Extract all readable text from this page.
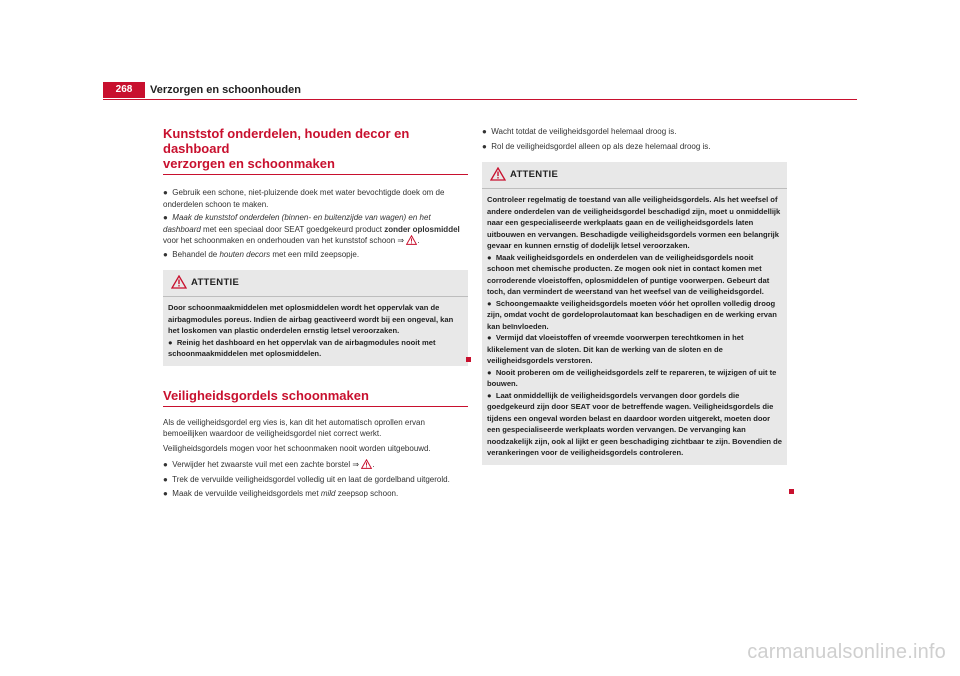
268	Verzorgen en schoonhouden
Kunststof onderdelen, houden decor en dashboard
verzorgen en schoonmaken

●  Gebruik een schone, niet-pluizende doek met water bevochtigde doek om de onderdelen schoon te maken.

●  Maak de kunststof onderdelen (binnen- en buitenzijde van wagen) en het dashboard met een speciaal door SEAT goedgekeurd product zonder oplosmiddel voor het schoonmaken en onderhouden van het kunststof schoon ⇒ .

●  Behandel de houten decors met een mild zeepsopje.

ATTENTIE

Door schoonmaakmiddelen met oplosmiddelen wordt het oppervlak van de airbagmodules poreus. Indien de airbag geactiveerd wordt bij een ongeval, kan het loskomen van plastic onderdelen ernstig letsel veroorzaken.

●  Reinig het dashboard en het oppervlak van de airbagmodules nooit met schoonmaakmiddelen met oplosmiddelen.

Veiligheidsgordels schoonmaken

Als de veiligheidsgordel erg vies is, kan dit het automatisch oprollen ervan bemoeilijken waardoor de veiligheidsgordel niet correct werkt.

Veiligheidsgordels mogen voor het schoonmaken nooit worden uitgebouwd.

●  Verwijder het zwaarste vuil met een zachte borstel ⇒ .

●  Trek de vervuilde veiligheidsgordel volledig uit en laat de gordelband uitgerold.

●  Maak de vervuilde veiligheidsgordels met mild zeepsop schoon.

●  Wacht totdat de veiligheidsgordel helemaal droog is.

●  Rol de veiligheidsgordel alleen op als deze helemaal droog is.

ATTENTIE

Controleer regelmatig de toestand van alle veiligheidsgordels. Als het weefsel of andere onderdelen van de veiligheidsgordel beschadigd zijn, moet u onmiddellijk naar een gespecialiseerde werkplaats gaan en de veiligheidsgordels laten uitbouwen en vervangen. Beschadigde veiligheidsgordels vormen een belangrijk gevaar en kunnen ernstig of dodelijk letsel veroorzaken.

●  Maak veiligheidsgordels en onderdelen van de veiligheidsgordels nooit schoon met chemische producten. Ze mogen ook niet in contact komen met corroderende vloeistoffen, oplosmiddelen of puntige voorwerpen. Gebeurt dat toch, dan vermindert de weerstand van het weefsel van de veiligheidsgordel.

●  Schoongemaakte veiligheidsgordels moeten vóór het oprollen volledig droog zijn, omdat vocht de gordeloprolautomaat kan beschadigen en de werking ervan kan beïnvloeden.

●  Vermijd dat vloeistoffen of vreemde voorwerpen terechtkomen in het klikelement van de sloten. Dit kan de werking van de sloten en de veiligheidsgordels verstoren.

●  Nooit proberen om de veiligheidsgordels zelf te repareren, te wijzigen of uit te bouwen.

●  Laat onmiddellijk de veiligheidsgordels vervangen door gordels die goedgekeurd zijn door SEAT voor de betreffende wagen. Veiligheidsgordels die tijdens een ongeval worden belast en daardoor worden uitgerekt, moeten door een gespecialiseerde werkplaats worden vervangen. De vervanging kan noodzakelijk zijn, ook al lijkt er geen beschadiging zichtbaar te zijn. Bovendien de verankeringen voor de veiligheidsgordels controleren.

carmanualsonline.info
